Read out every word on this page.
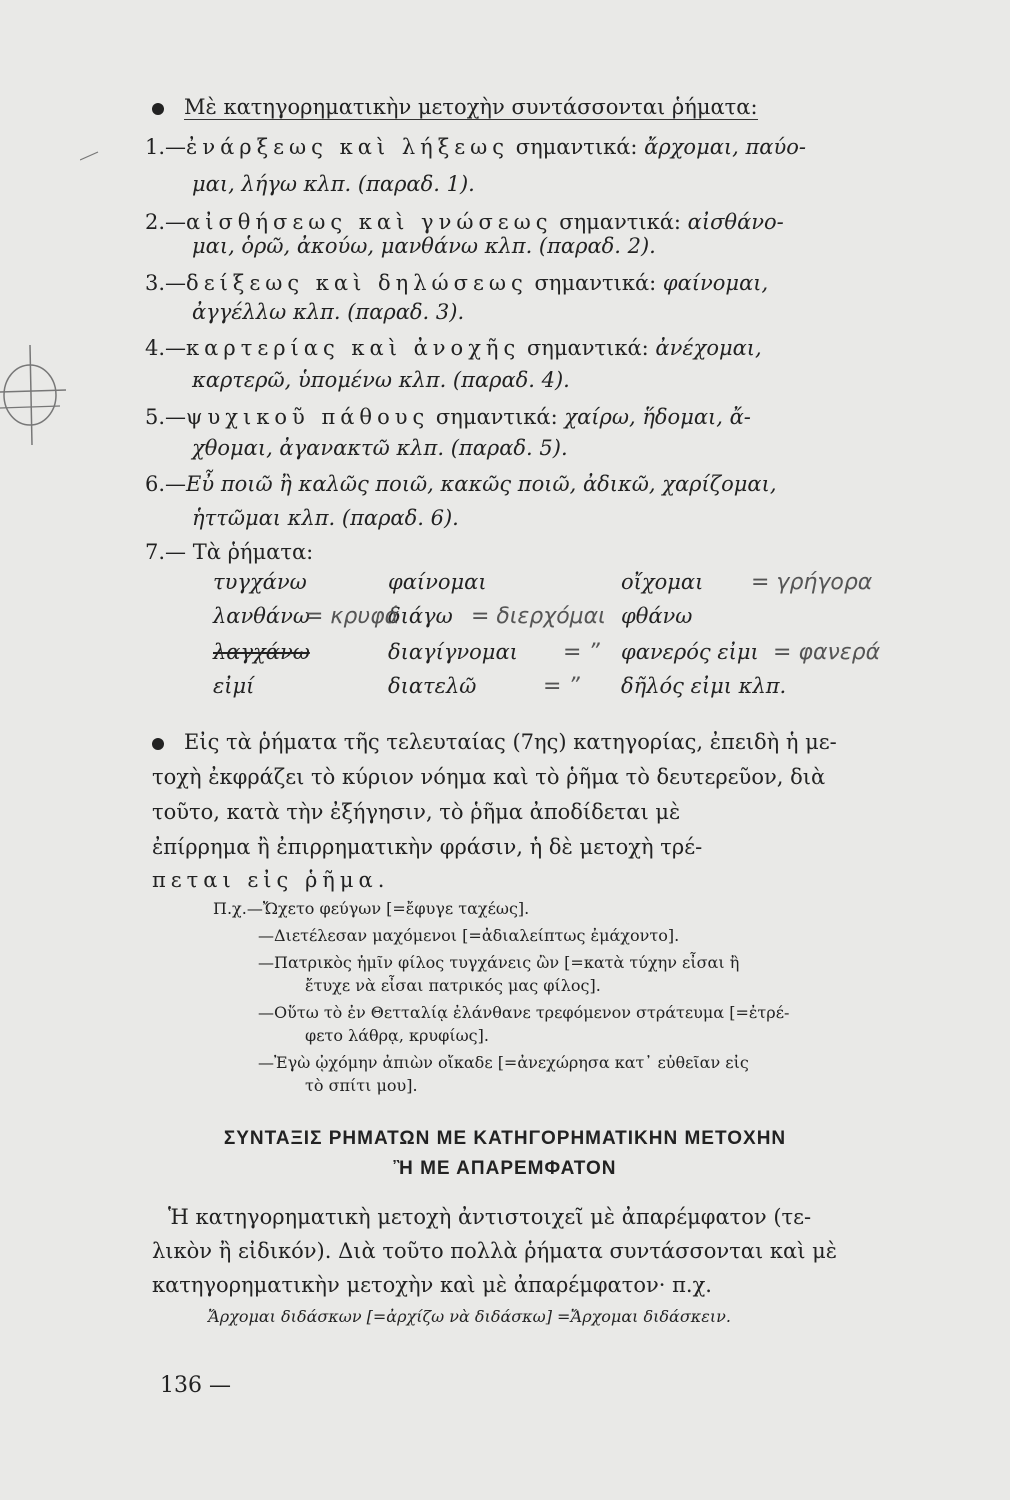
Μὲ κατηγορηματικὴν μετοχὴν συντάσσονται ῥήματα:
1.—ἐνάρξεως καὶ λήξεως σημαντικά: ἄρχομαι, παύο-
μαι, λήγω κλπ. (παραδ. 1).
2.—αἰσθήσεως καὶ γνώσεως σημαντικά: αἰσθάνο-
μαι, ὁρῶ, ἀκούω, μανθάνω κλπ. (παραδ. 2).
3.—δείξεως καὶ δηλώσεως σημαντικά: φαίνομαι,
ἀγγέλλω κλπ. (παραδ. 3).
4.—καρτερίας καὶ ἀνοχῆς σημαντικά: ἀνέχομαι,
καρτερῶ, ὑπομένω κλπ. (παραδ. 4).
5.—ψυχικοῦ πάθους σημαντικά: χαίρω, ἥδομαι, ἄ-
χθομαι, ἀγανακτῶ κλπ. (παραδ. 5).
6.—Εὖ ποιῶ ἢ καλῶς ποιῶ, κακῶς ποιῶ, ἀδικῶ, χαρίζομαι,
ἡττῶμαι κλπ. (παραδ. 6).
7.— Τὰ ῥήματα:
τυγχάνω
λανθάνω
λαγχάνω
εἰμί
φαίνομαι
διάγω
διαγίγνομαι
διατελῶ
οἴχομαι
φθάνω
φανερός εἰμι
δῆλός εἰμι κλπ.
= γρήγορα
= κρυφά	= διερχόμαι
= φανερά
= ”
= ”
Εἰς τὰ ῥήματα τῆς τελευταίας (7ης) κατηγορίας, ἐπειδὴ ἡ με-
τοχὴ ἐκφράζει τὸ κύριον νόημα καὶ τὸ ῥῆμα τὸ δευτερεῦον, διὰ
τοῦτο, κατὰ τὴν ἐξήγησιν, τὸ ῥῆμα ἀποδίδεται μὲ
ἐπίρρημα ἢ ἐπιρρηματικὴν φράσιν, ἡ δὲ μετοχὴ τρέ-
πεται εἰς ῥῆμα.
Π.χ.—Ὤχετο φεύγων [=ἔφυγε ταχέως].
—Διετέλεσαν μαχόμενοι [=ἀδιαλείπτως ἐμάχοντο].
—Πατρικὸς ἡμῖν φίλος τυγχάνεις ὢν [=κατὰ τύχην εἶσαι ἢ
ἔτυχε νὰ εἶσαι πατρικός μας φίλος].
—Οὕτω τὸ ἐν Θετταλίᾳ ἐλάνθανε τρεφόμενον στράτευμα [=ἐτρέ-
φετο λάθρᾳ, κρυφίως].
—Ἐγὼ ᾠχόμην ἀπιὼν οἴκαδε [=ἀνεχώρησα κατ᾽ εὐθεῖαν εἰς
τὸ σπίτι μου].
ΣΥΝΤΑΞΙΣ ΡΗΜΑΤΩΝ ΜΕ ΚΑΤΗΓΟΡΗΜΑΤΙΚΗΝ ΜΕΤΟΧΗΝ
Ἢ ΜΕ ΑΠΑΡΕΜΦΑΤΟΝ
Ἡ κατηγορηματικὴ μετοχὴ ἀντιστοιχεῖ μὲ ἀπαρέμφατον (τε-
λικὸν ἢ εἰδικόν). Διὰ τοῦτο πολλὰ ῥήματα συντάσσονται καὶ μὲ
κατηγορηματικὴν μετοχὴν καὶ μὲ ἀπαρέμφατον· π.χ.
Ἄρχομαι διδάσκων [=ἀρχίζω νὰ διδάσκω] =Ἄρχομαι διδάσκειν.
136 —
